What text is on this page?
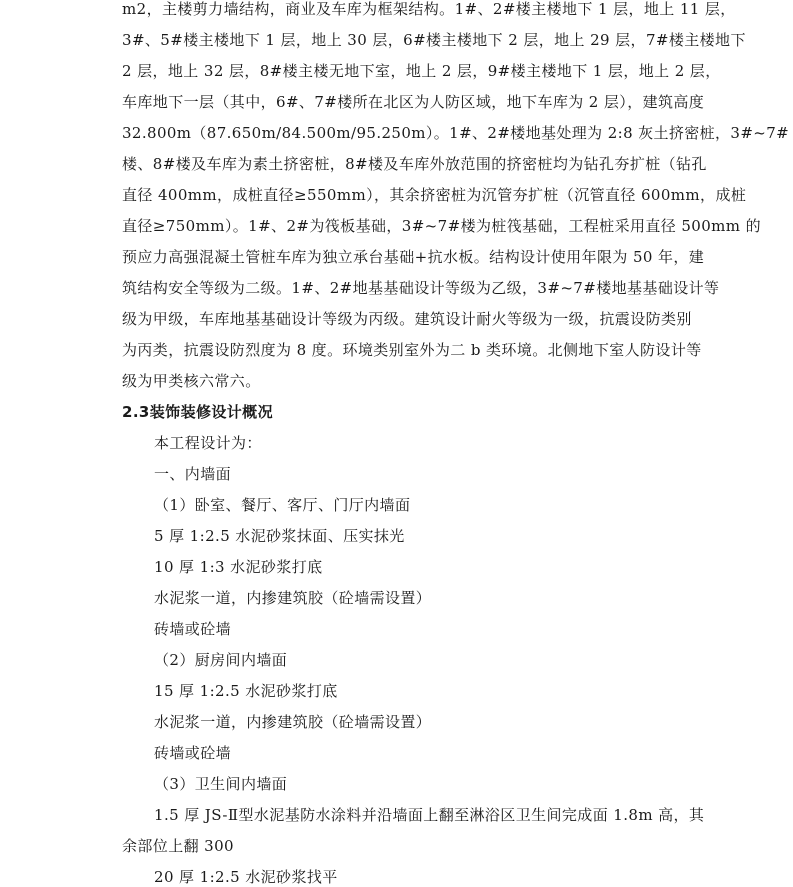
m2，主楼剪力墙结构，商业及车库为框架结构。1#、2#楼主楼地下 1 层，地上 11 层，
3#、5#楼主楼地下 1 层，地上 30 层，6#楼主楼地下 2 层，地上 29 层，7#楼主楼地下
2 层，地上 32 层，8#楼主楼无地下室，地上 2 层，9#楼主楼地下 1 层，地上 2 层，
车库地下一层（其中，6#、7#楼所在北区为人防区域，地下车库为 2 层），建筑高度
32.800m（87.650m/84.500m/95.250m）。1#、2#楼地基处理为 2:8 灰土挤密桩，3#~7#
楼、8#楼及车库为素土挤密桩，8#楼及车库外放范围的挤密桩均为钻孔夯扩桩（钻孔
直径 400mm，成桩直径≥550mm），其余挤密桩为沉管夯扩桩（沉管直径 600mm，成桩
直径≥750mm）。1#、2#为筏板基础，3#~7#楼为桩筏基础，工程桩采用直径 500mm 的
预应力高强混凝土管桩车库为独立承台基础+抗水板。结构设计使用年限为 50 年，建
筑结构安全等级为二级。1#、2#地基基础设计等级为乙级，3#~7#楼地基基础设计等
级为甲级，车库地基基础设计等级为丙级。建筑设计耐火等级为一级，抗震设防类别
为丙类，抗震设防烈度为 8 度。环境类别室外为二 b 类环境。北侧地下室人防设计等
级为甲类核六常六。
2.3装饰装修设计概况
本工程设计为：
一、内墙面
（1）卧室、餐厅、客厅、门厅内墙面
5 厚 1:2.5 水泥砂浆抹面、压实抹光
10 厚 1:3 水泥砂浆打底
水泥浆一道，内掺建筑胶（砼墙需设置）
砖墙或砼墙
（2）厨房间内墙面
15 厚 1:2.5 水泥砂浆打底
水泥浆一道，内掺建筑胶（砼墙需设置）
砖墙或砼墙
（3）卫生间内墙面
1.5 厚 JS-Ⅱ型水泥基防水涂料并沿墙面上翻至淋浴区卫生间完成面 1.8m 高，其
余部位上翻 300
20 厚 1:2.5 水泥砂浆找平
